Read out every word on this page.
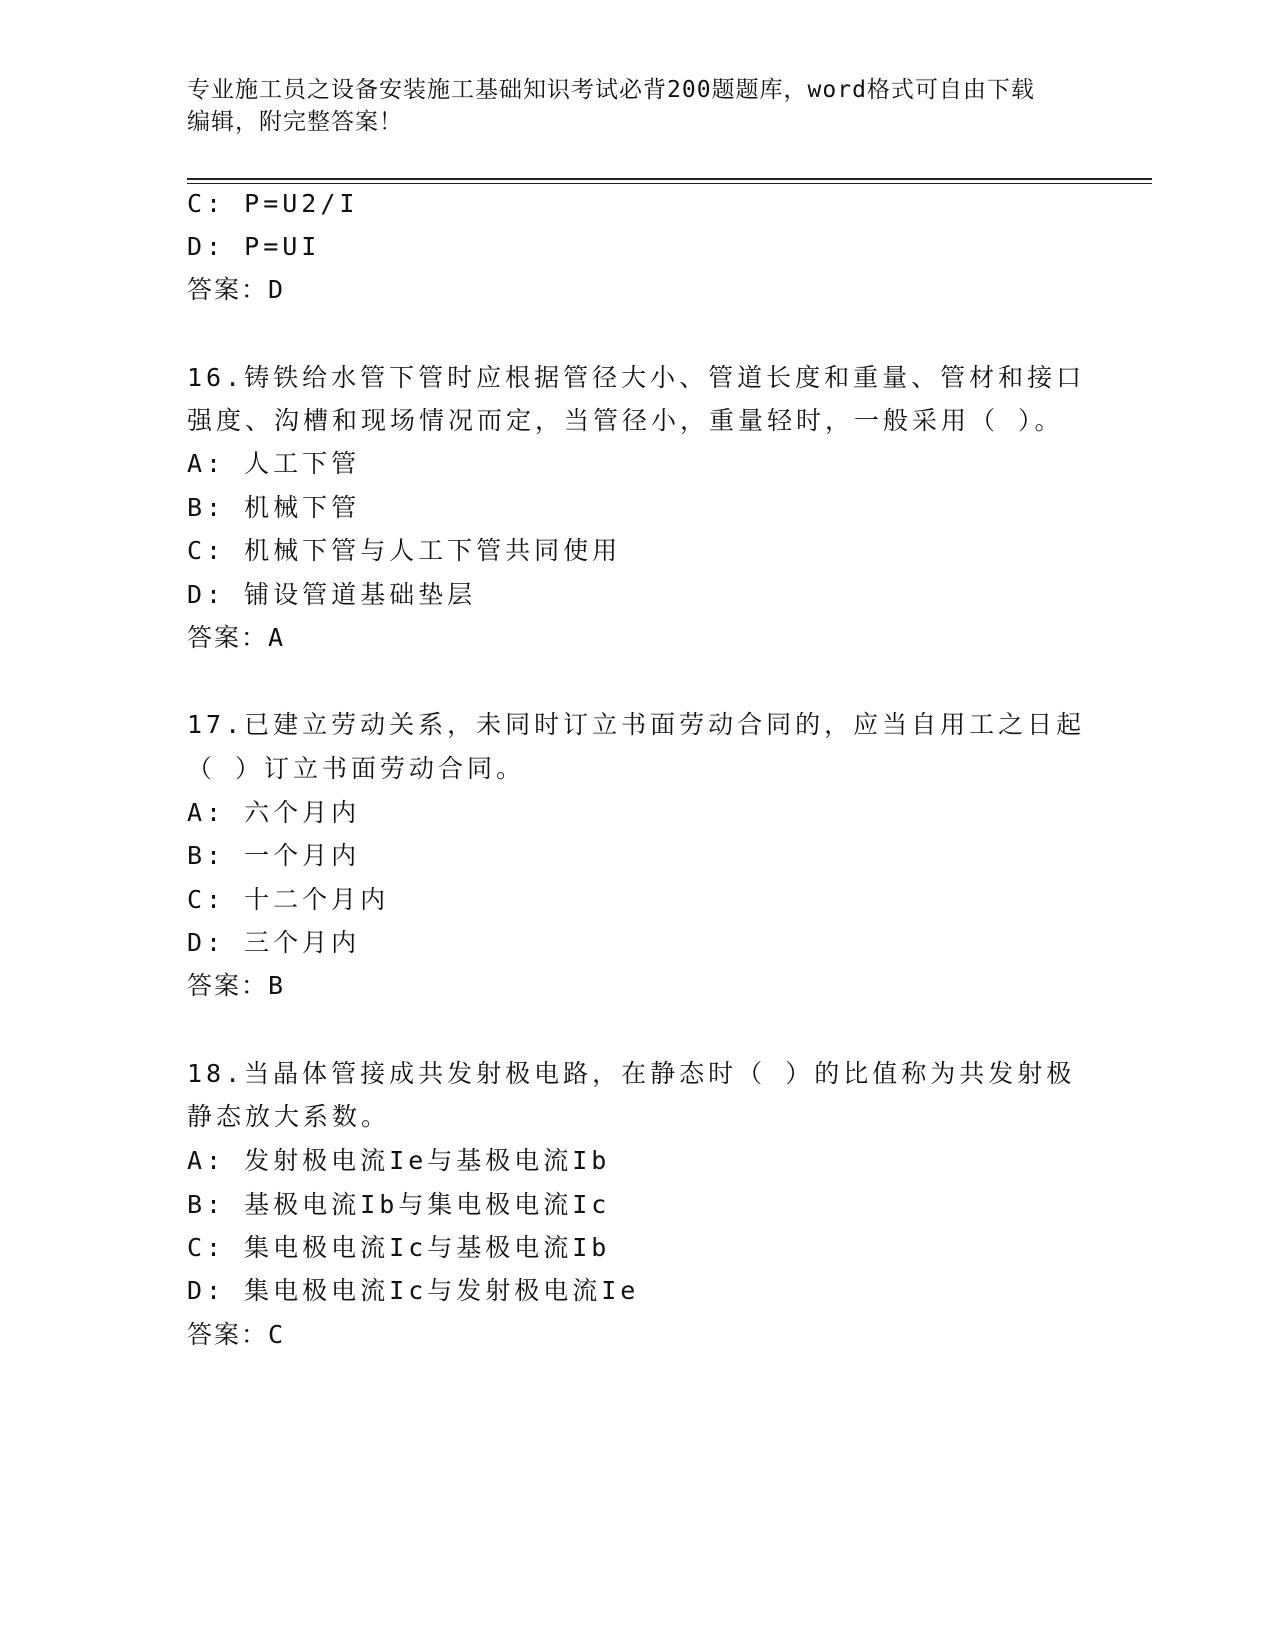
专业施工员之设备安装施工基础知识考试必背200题题库，word格式可自由下载
编辑，附完整答案！
C: P=U2/I
D: P=UI
答案：D
16.铸铁给水管下管时应根据管径大小、管道长度和重量、管材和接口
强度、沟槽和现场情况而定，当管径小，重量轻时，一般采用（ ）。
A: 人工下管
B: 机械下管
C: 机械下管与人工下管共同使用
D: 铺设管道基础垫层
答案：A
17.已建立劳动关系，未同时订立书面劳动合同的，应当自用工之日起
（ ）订立书面劳动合同。
A: 六个月内
B: 一个月内
C: 十二个月内
D: 三个月内
答案：B
18.当晶体管接成共发射极电路，在静态时（ ）的比值称为共发射极
静态放大系数。
A: 发射极电流Ie与基极电流Ib
B: 基极电流Ib与集电极电流Ic
C: 集电极电流Ic与基极电流Ib
D: 集电极电流Ic与发射极电流Ie
答案：C
